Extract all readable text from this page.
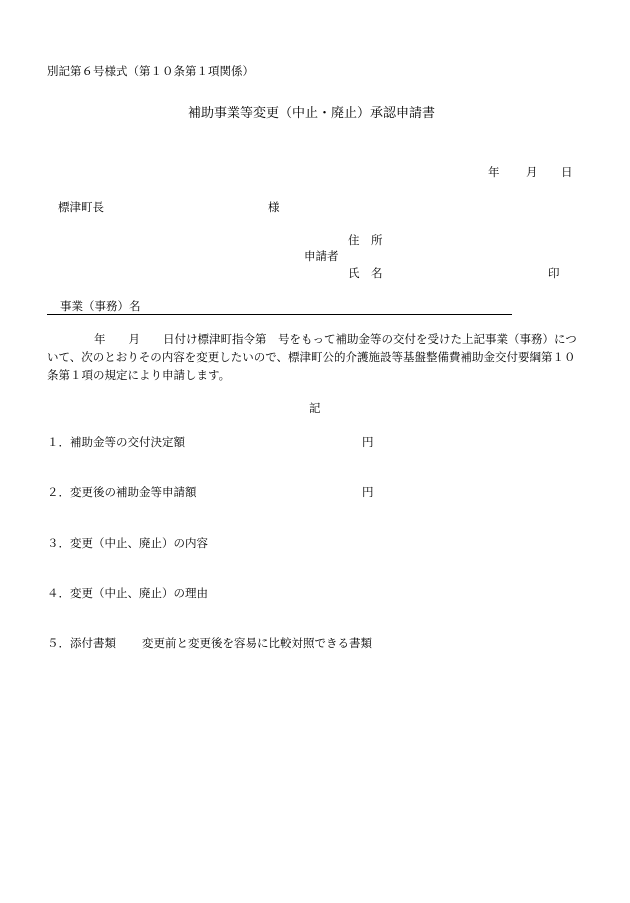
別記第６号様式（第１０条第１項関係）
補助事業等変更（中止・廃止）承認申請書
年 月 日
標津町長	様
住　所
申請者
氏　名	印
事業（事務）名
年　　月　　日付け標津町指令第　号をもって補助金等の交付を受けた上記事業（事務）につ
いて、次のとおりその内容を変更したいので、標津町公的介護施設等基盤整備費補助金交付要綱第１０
条第１項の規定により申請します。
記
１．補助金等の交付決定額	円
２．変更後の補助金等申請額	円
３．変更（中止、廃止）の内容
４．変更（中止、廃止）の理由
５．添付書類 変更前と変更後を容易に比較対照できる書類
